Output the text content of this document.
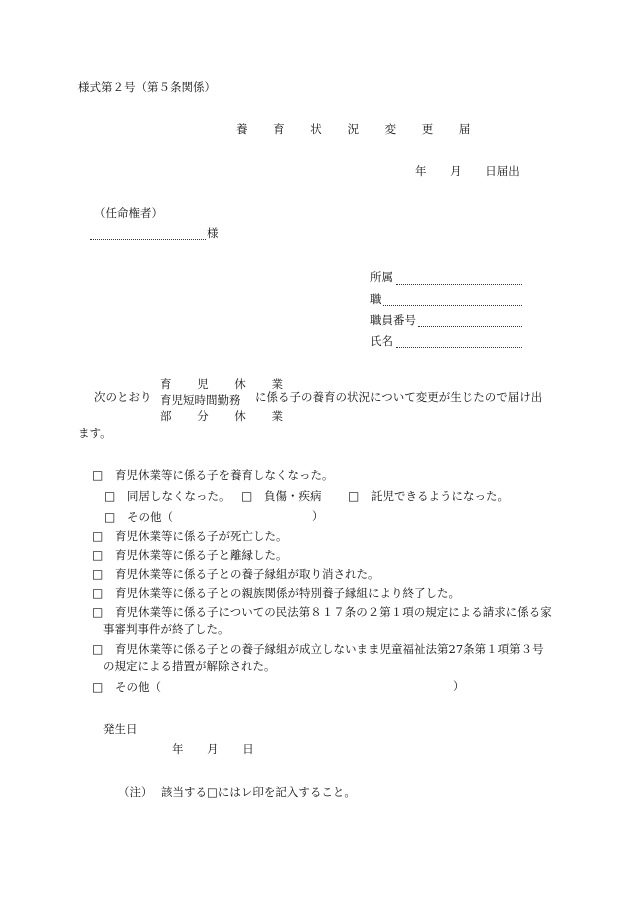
様式第２号（第５条関係）
養 育 状 況 変 更 届
年 月 日届出
（任命権者）
様
所属
職
職員番号
氏名
次のとおり
育 児 休 業
育児短時間勤務
部 分 休 業
に係る子の養育の状況について変更が生じたので届け出
ます。
□ 育児休業等に係る子を養育しなくなった。
□ 同居しなくなった。 □ 負傷・疾病 □ 託児できるようになった。
□ その他（	）
□ 育児休業等に係る子が死亡した。
□ 育児休業等に係る子と離縁した。
□ 育児休業等に係る子との養子縁組が取り消された。
□ 育児休業等に係る子との親族関係が特別養子縁組により終了した。
□ 育児休業等に係る子についての民法第８１７条の２第１項の規定による請求に係る家
事審判事件が終了した。
□ 育児休業等に係る子との養子縁組が成立しないまま児童福祉法第27条第１項第３号
の規定による措置が解除された。
□ その他（	）
発生日
年 月 日
（注） 該当する□にはレ印を記入すること。
